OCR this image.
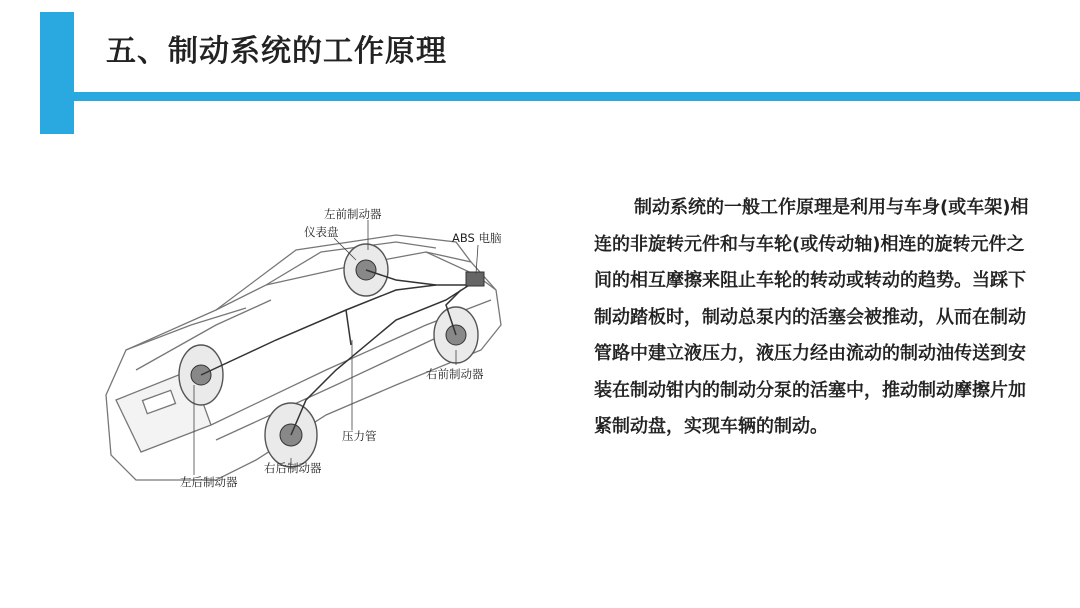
五、制动系统的工作原理
左前制动器
仪表盘	ABS 电脑
右前制动器
压力管
右后制动器
左后制动器
制动系统的一般工作原理是利用与车身(或车架)相连的非旋转元件和与车轮(或传动轴)相连的旋转元件之间的相互摩擦来阻止车轮的转动或转动的趋势。当踩下制动踏板时，制动总泵内的活塞会被推动，从而在制动管路中建立液压力，液压力经由流动的制动油传送到安装在制动钳内的制动分泵的活塞中，推动制动摩擦片加紧制动盘，实现车辆的制动。
